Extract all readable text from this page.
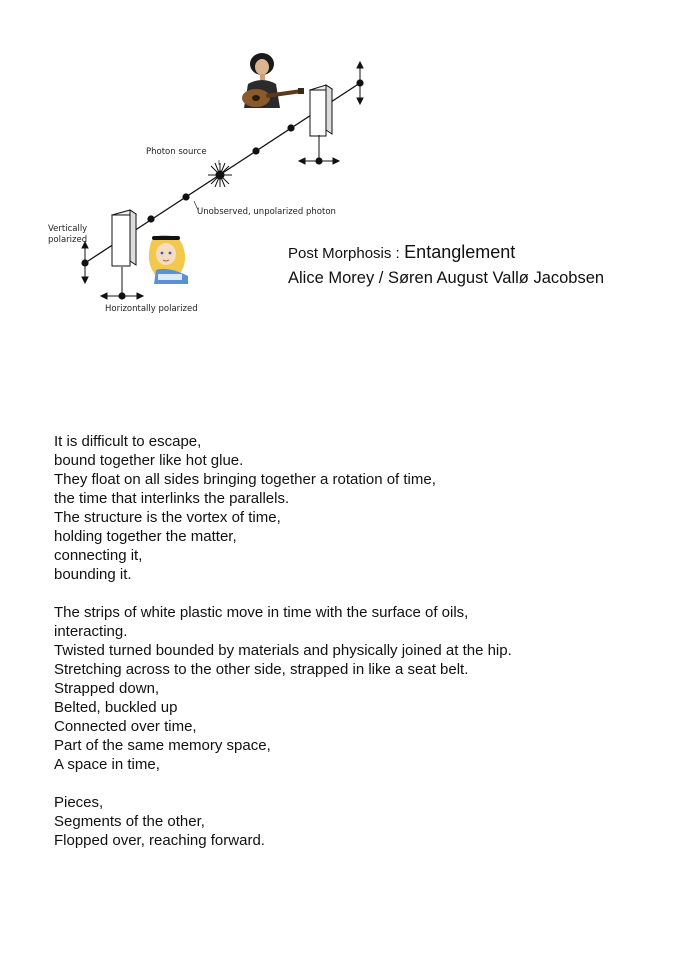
Photon source
Unobserved, unpolarized photon
Vertically
polarized
Horizontally polarized
Post Morphosis : Entanglement
Alice Morey / Søren August Vallø Jacobsen
It is difficult to escape,
bound together like hot glue.
They float on all sides bringing together a rotation of time,
the time that interlinks the parallels.
The structure is the vortex of time,
holding together the matter,
connecting it,
bounding it.
The strips of white plastic move in time with the surface of oils,
interacting.
Twisted turned bounded by materials and physically joined at the hip.
Stretching across to the other side, strapped in like a seat belt.
Strapped down,
Belted, buckled up
Connected over time,
Part of the same memory space,
A space in time,
Pieces,
Segments of the other,
Flopped over, reaching forward.
